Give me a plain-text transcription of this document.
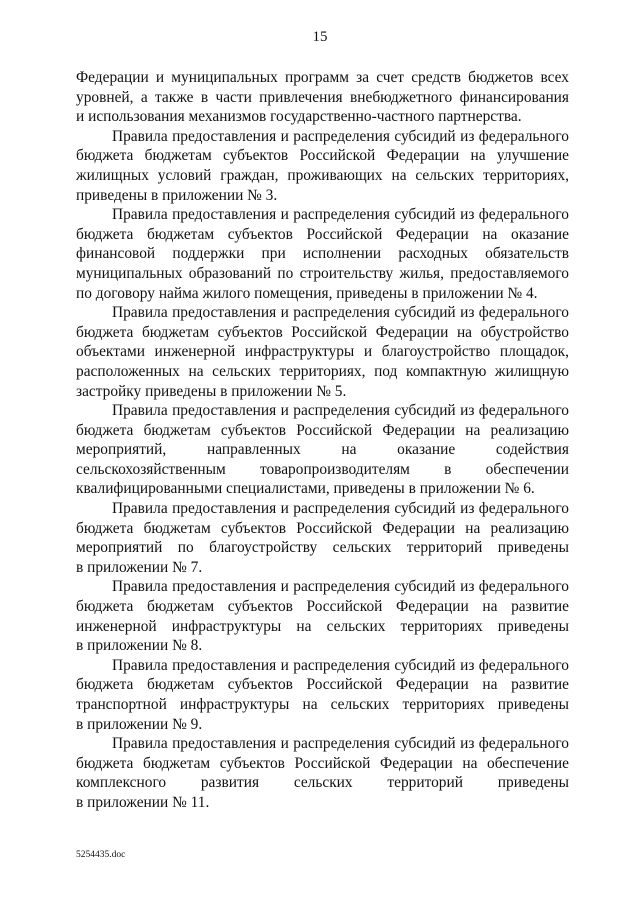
15
Федерации и муниципальных программ за счет средств бюджетов всех
уровней, а также в части привлечения внебюджетного финансирования
и использования механизмов государственно-частного партнерства.
Правила предоставления и распределения субсидий из федерального
бюджета бюджетам субъектов Российской Федерации на улучшение
жилищных условий граждан, проживающих на сельских территориях,
приведены в приложении № 3.
Правила предоставления и распределения субсидий из федерального
бюджета бюджетам субъектов Российской Федерации на оказание
финансовой поддержки при исполнении расходных обязательств
муниципальных образований по строительству жилья, предоставляемого
по договору найма жилого помещения, приведены в приложении № 4.
Правила предоставления и распределения субсидий из федерального
бюджета бюджетам субъектов Российской Федерации на обустройство
объектами инженерной инфраструктуры и благоустройство площадок,
расположенных на сельских территориях, под компактную жилищную
застройку приведены в приложении № 5.
Правила предоставления и распределения субсидий из федерального
бюджета бюджетам субъектов Российской Федерации на реализацию
мероприятий, направленных на оказание содействия
сельскохозяйственным товаропроизводителям в обеспечении
квалифицированными специалистами, приведены в приложении № 6.
Правила предоставления и распределения субсидий из федерального
бюджета бюджетам субъектов Российской Федерации на реализацию
мероприятий по благоустройству сельских территорий приведены
в приложении № 7.
Правила предоставления и распределения субсидий из федерального
бюджета бюджетам субъектов Российской Федерации на развитие
инженерной инфраструктуры на сельских территориях приведены
в приложении № 8.
Правила предоставления и распределения субсидий из федерального
бюджета бюджетам субъектов Российской Федерации на развитие
транспортной инфраструктуры на сельских территориях приведены
в приложении № 9.
Правила предоставления и распределения субсидий из федерального
бюджета бюджетам субъектов Российской Федерации на обеспечение
комплексного развития сельских территорий приведены
в приложении № 11.
5254435.doc
